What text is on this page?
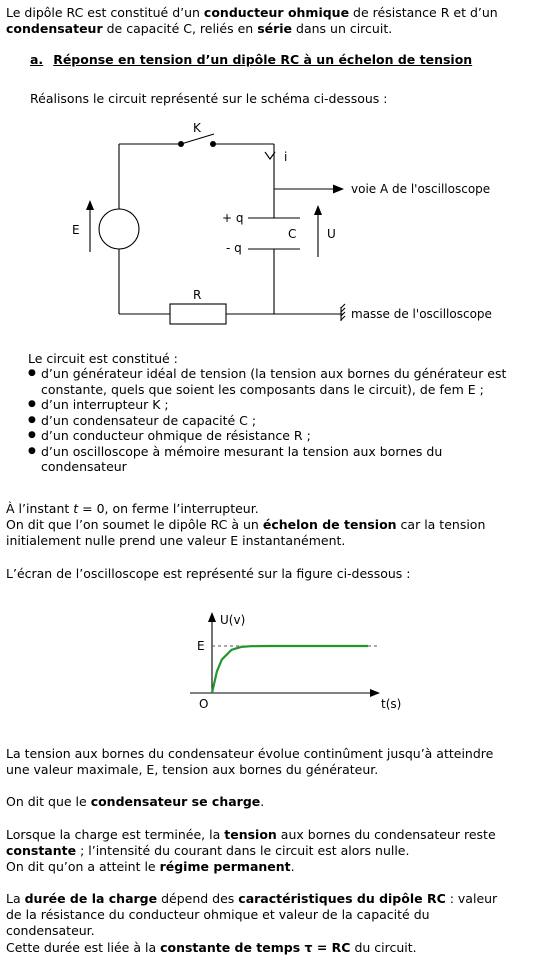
Le dipôle RC est constitué d’un conducteur ohmique de résistance R et d’un

condensateur de capacité C, reliés en série dans un circuit.

a. Réponse en tension d’un dipôle RC à un échelon de tension

Réalisons le circuit représenté sur le schéma ci-dessous :

K
i
E
+ q
- q
C	U
R
voie A de l'oscilloscope
masse de l'oscilloscope

Le circuit est constitué :

● d’un générateur idéal de tension (la tension aux bornes du générateur est
constante, quels que soient les composants dans le circuit), de fem E ;
● d’un interrupteur K ;
● d’un condensateur de capacité C ;
● d’un conducteur ohmique de résistance R ;
● d’un oscilloscope à mémoire mesurant la tension aux bornes du
condensateur

À l’instant t = 0, on ferme l’interrupteur.

On dit que l’on soumet le dipôle RC à un échelon de tension car la tension

initialement nulle prend une valeur E instantanément.

L’écran de l’oscilloscope est représenté sur la figure ci-dessous :

U(v)
t(s)
O
E

La tension aux bornes du condensateur évolue continûment jusqu’à atteindre

une valeur maximale, E, tension aux bornes du générateur.

On dit que le condensateur se charge.

Lorsque la charge est terminée, la tension aux bornes du condensateur reste

constante ; l’intensité du courant dans le circuit est alors nulle.

On dit qu’on a atteint le régime permanent.

La durée de la charge dépend des caractéristiques du dipôle RC : valeur

de la résistance du conducteur ohmique et valeur de la capacité du

condensateur.

Cette durée est liée à la constante de temps τ = RC du circuit.
